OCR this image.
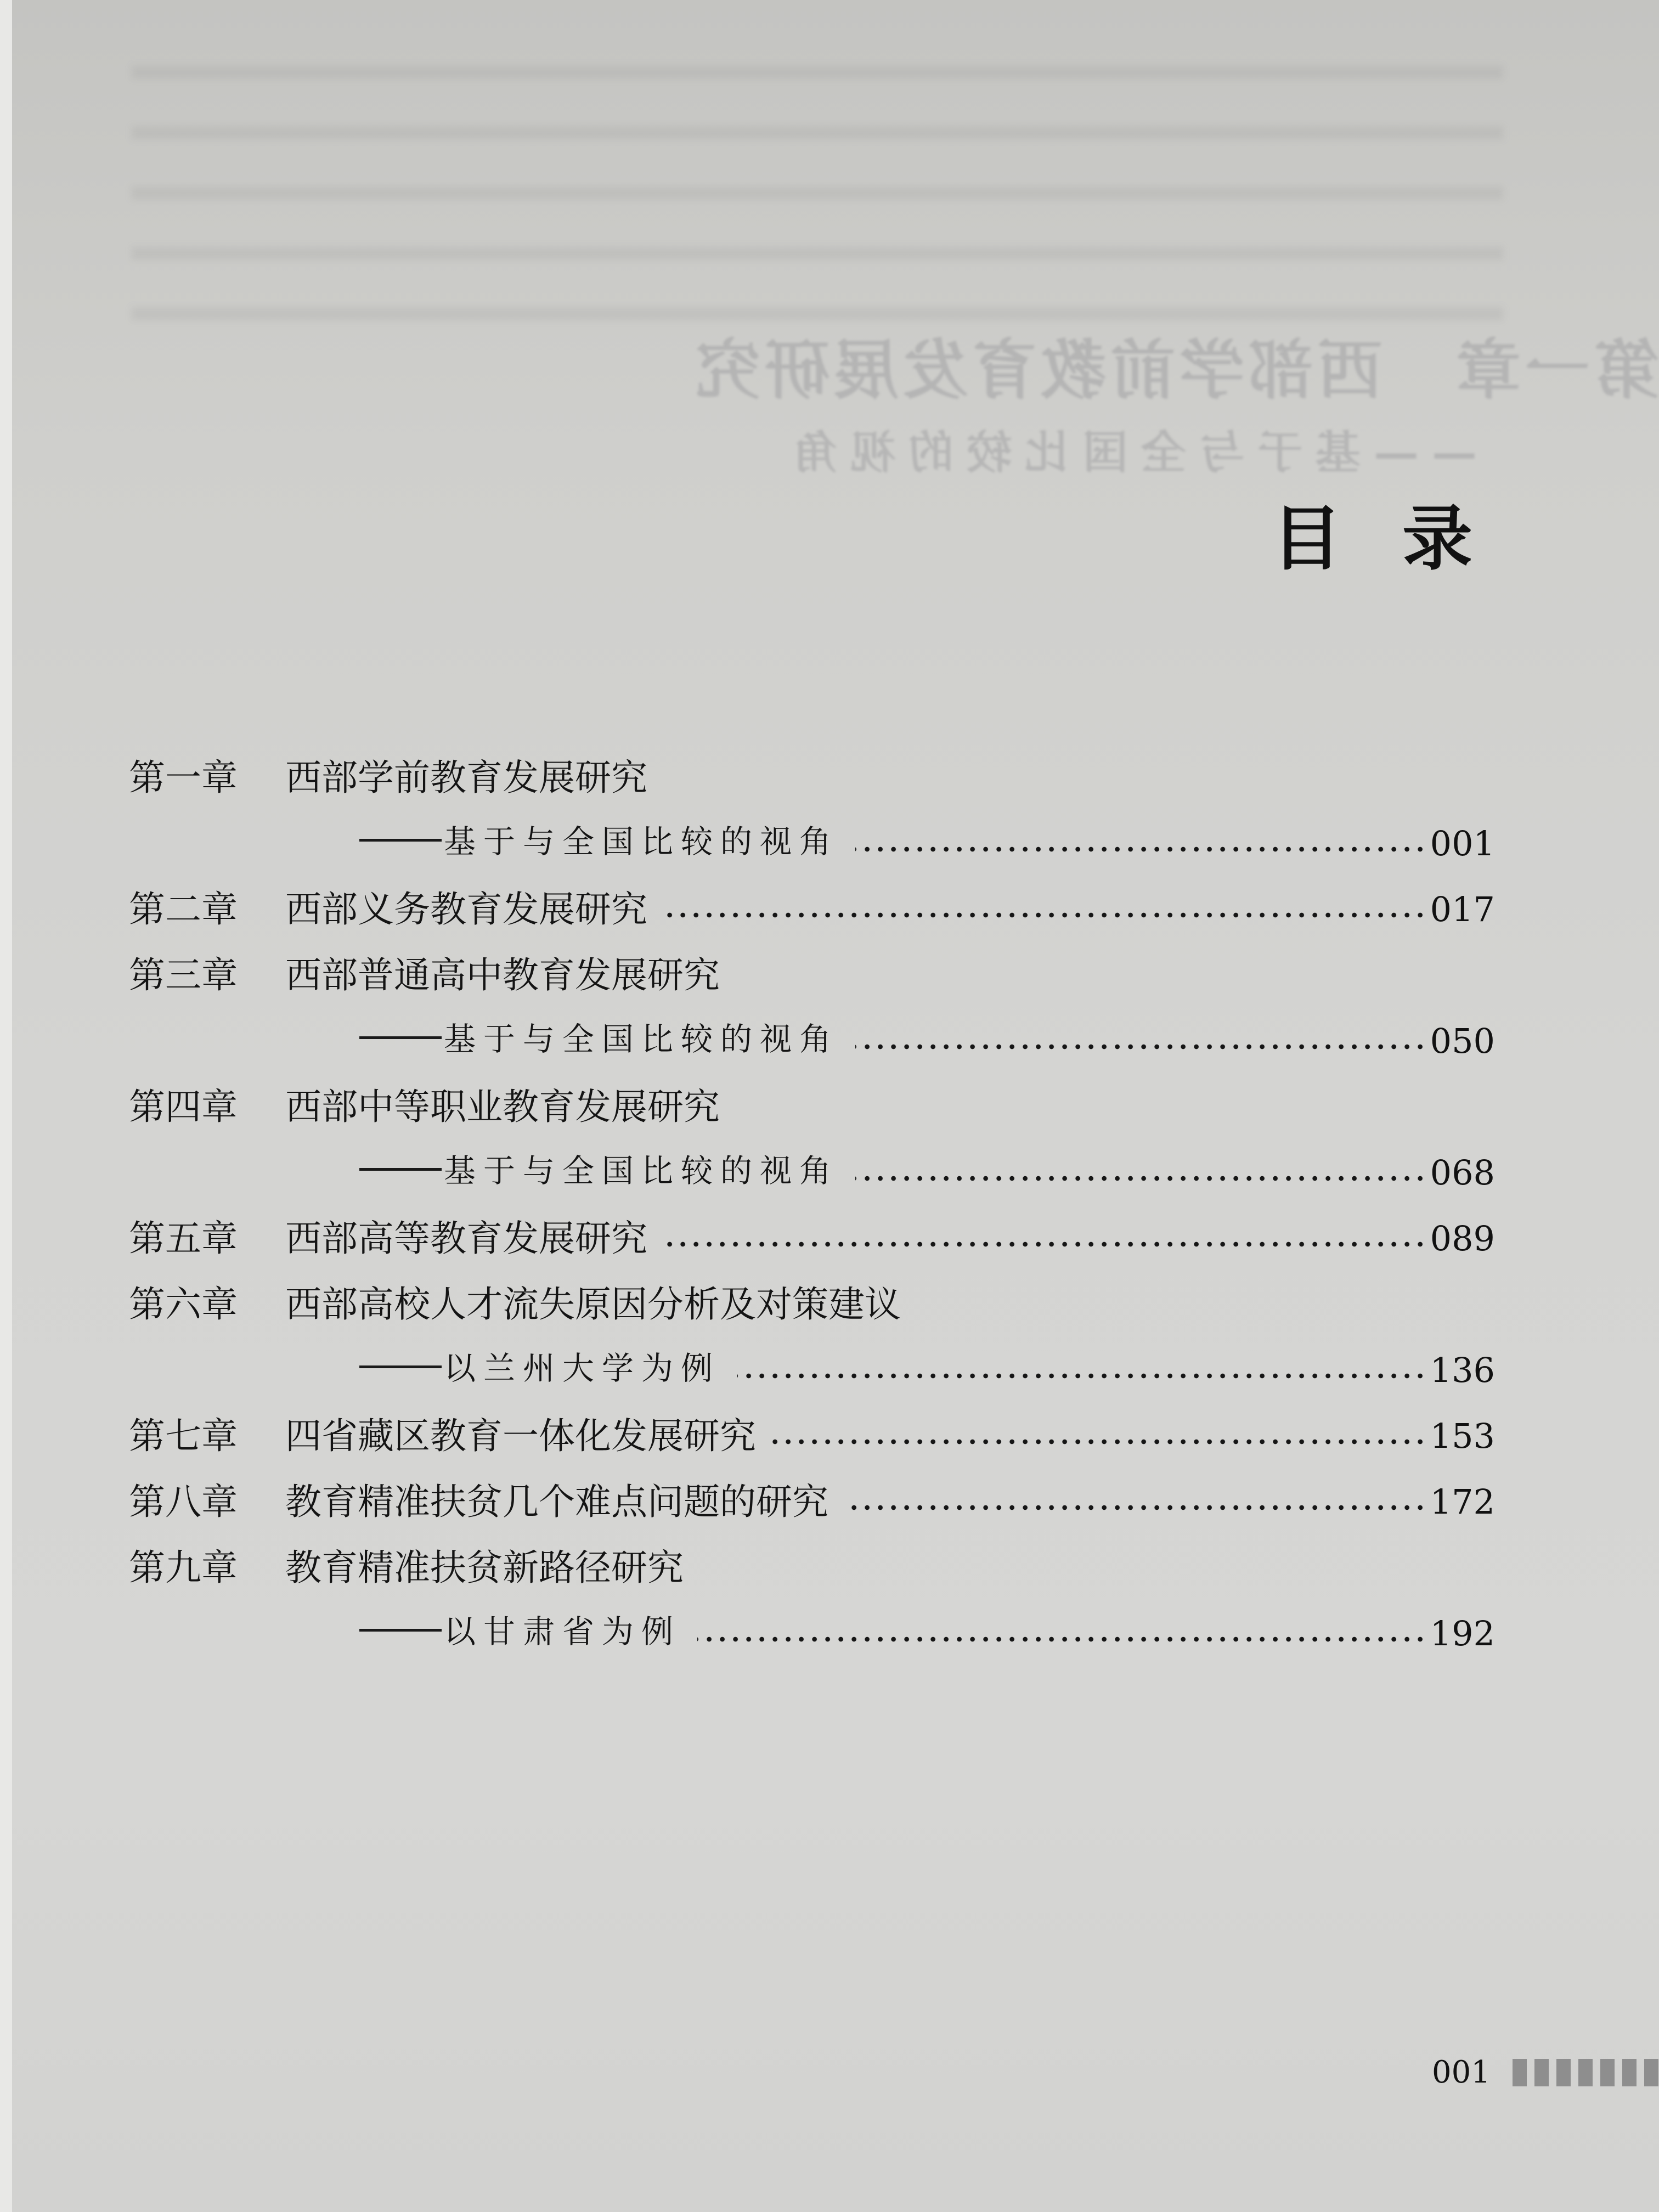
第一章　西部学前教育发展研究
——基于与全国比较的视角
目 录
第一章	西部学前教育发展研究
基于与全国比较的视角	001
第二章	西部义务教育发展研究	017
第三章	西部普通高中教育发展研究
基于与全国比较的视角	050
第四章	西部中等职业教育发展研究
基于与全国比较的视角	068
第五章	西部高等教育发展研究	089
第六章	西部高校人才流失原因分析及对策建议
以兰州大学为例	136
第七章	四省藏区教育一体化发展研究	153
第八章	教育精准扶贫几个难点问题的研究	172
第九章	教育精准扶贫新路径研究
以甘肃省为例	192
001
